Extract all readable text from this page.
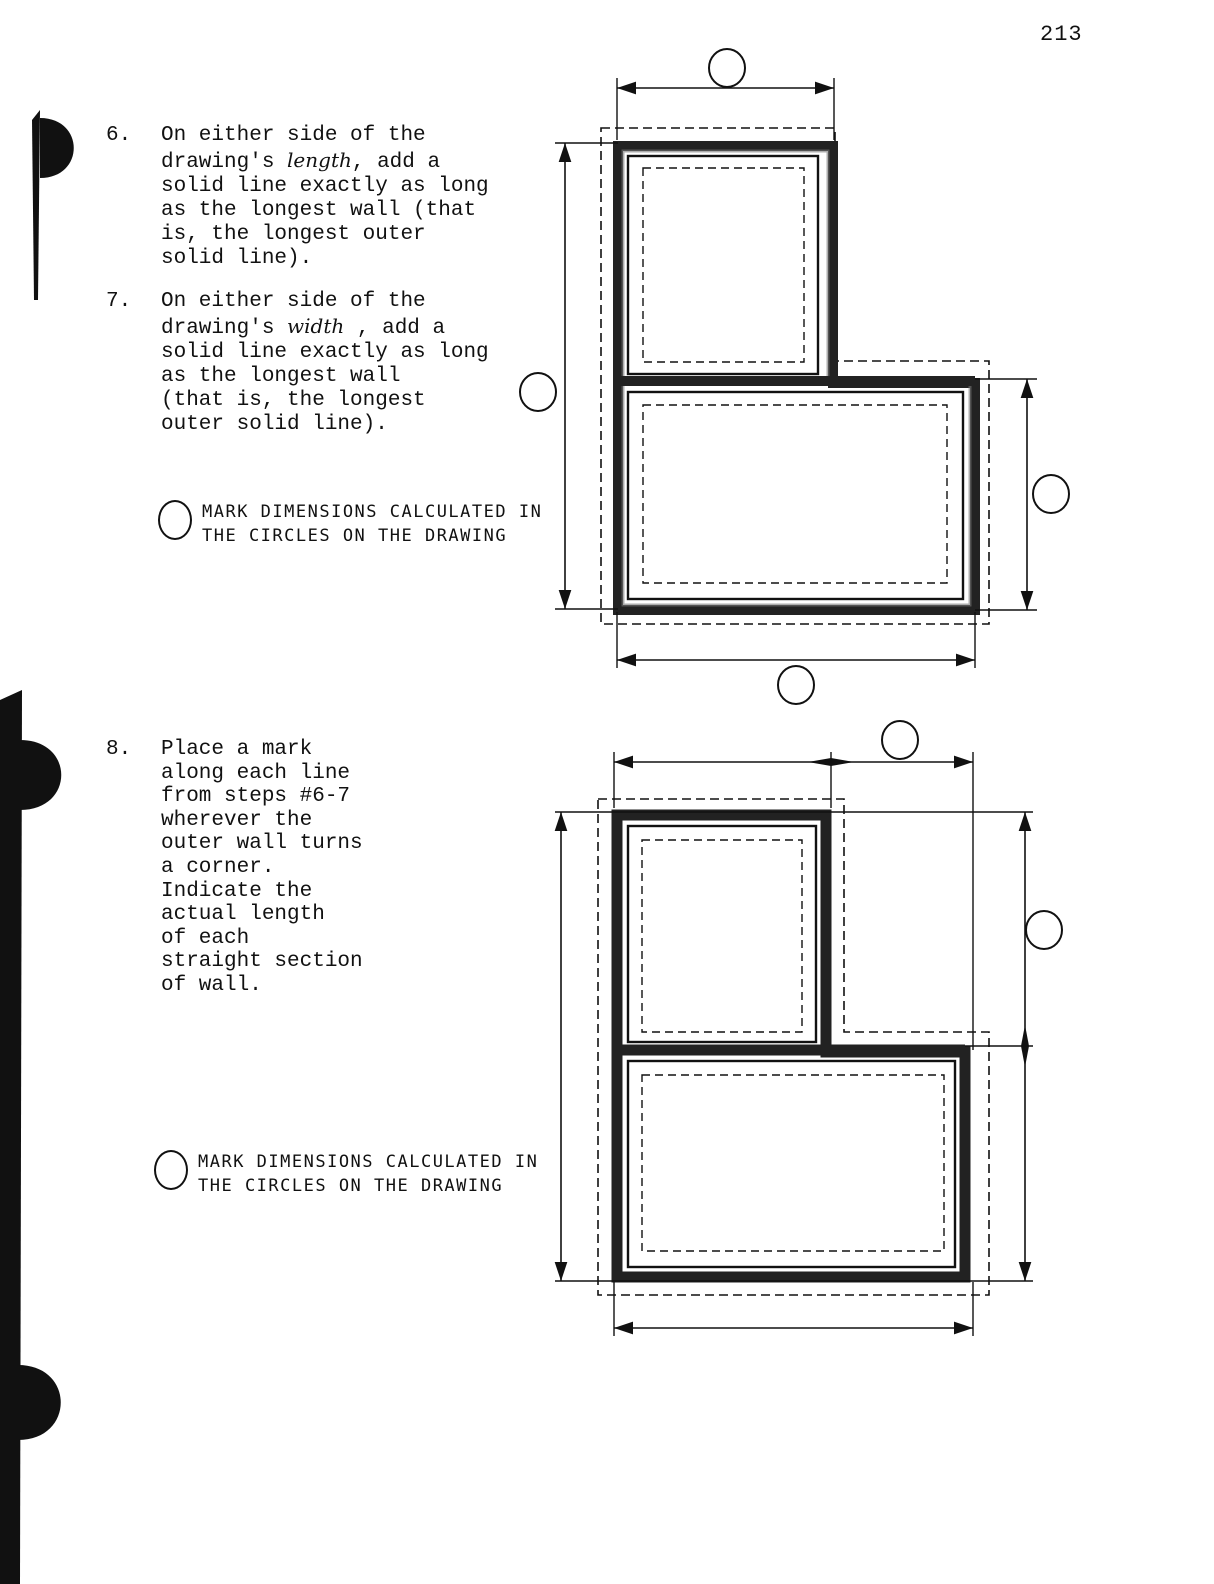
213
6. On either side of the
drawing's length, add a
solid line exactly as long
as the longest wall (that
is, the longest outer
solid line).
7. On either side of the
drawing's width , add a
solid line exactly as long
as the longest wall
(that is, the longest
outer solid line).
MARK DIMENSIONS CALCULATED IN
THE CIRCLES ON THE DRAWING
8. Place a mark
along each line
from steps #6-7
wherever the
outer wall turns
a corner.
Indicate the
actual length
of each
straight section
of wall.
MARK DIMENSIONS CALCULATED IN
THE CIRCLES ON THE DRAWING
